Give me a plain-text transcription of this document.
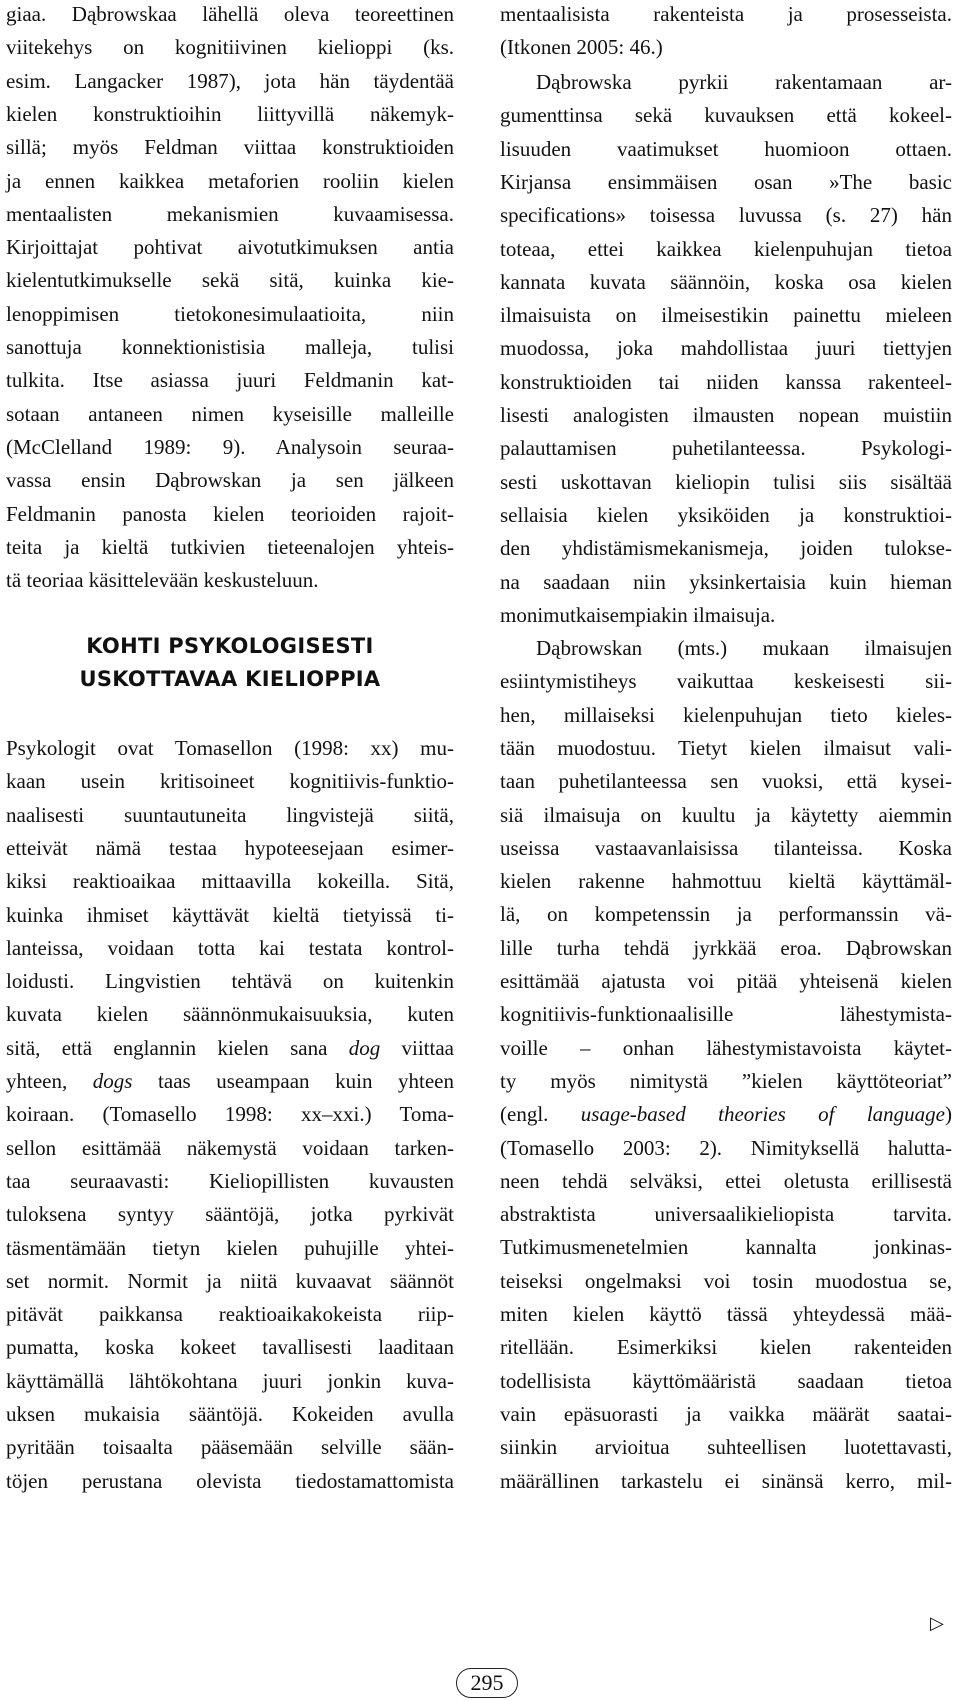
giaa. Dąbrowskaa lähellä oleva teoreettinen
viitekehys on kognitiivinen kielioppi (ks.
esim. Langacker 1987), jota hän täydentää
kielen konstruktioihin liittyvillä näkemyk-
sillä; myös Feldman viittaa konstruktioiden
ja ennen kaikkea metaforien rooliin kielen
mentaalisten mekanismien kuvaamisessa.
Kirjoittajat pohtivat aivotutkimuksen antia
kielentutkimukselle sekä sitä, kuinka kie-
lenoppimisen tietokonesimulaatioita, niin
sanottuja konnektionistisia malleja, tulisi
tulkita. Itse asiassa juuri Feldmanin kat-
sotaan antaneen nimen kyseisille malleille
(McClelland 1989: 9). Analysoin seuraa-
vassa ensin Dąbrowskan ja sen jälkeen
Feldmanin panosta kielen teorioiden rajoit-
teita ja kieltä tutkivien tieteenalojen yhteis-
tä teoriaa käsittelevään keskusteluun.
KOHTI PSYKOLOGISESTI
USKOTTAVAA KIELIOPPIA
Psykologit ovat Tomasellon (1998: xx) mu-
kaan usein kritisoineet kognitiivis-funktio-
naalisesti suuntautuneita lingvistejä siitä,
etteivät nämä testaa hypoteesejaan esimer-
kiksi reaktioaikaa mittaavilla kokeilla. Sitä,
kuinka ihmiset käyttävät kieltä tietyissä ti-
lanteissa, voidaan totta kai testata kontrol-
loidusti. Lingvistien tehtävä on kuitenkin
kuvata kielen säännönmukaisuuksia, kuten
sitä, että englannin kielen sana dog viittaa
yhteen, dogs taas useampaan kuin yhteen
koiraan. (Tomasello 1998: xx–xxi.) Toma-
sellon esittämää näkemystä voidaan tarken-
taa seuraavasti: Kieliopillisten kuvausten
tuloksena syntyy sääntöjä, jotka pyrkivät
täsmentämään tietyn kielen puhujille yhtei-
set normit. Normit ja niitä kuvaavat säännöt
pitävät paikkansa reaktioaikakokeista riip-
pumatta, koska kokeet tavallisesti laaditaan
käyttämällä lähtökohtana juuri jonkin kuva-
uksen mukaisia sääntöjä. Kokeiden avulla
pyritään toisaalta pääsemään selville sään-
töjen perustana olevista tiedostamattomista
mentaalisista rakenteista ja prosesseista.
(Itkonen 2005: 46.)
Dąbrowska pyrkii rakentamaan ar-
gumenttinsa sekä kuvauksen että kokeel-
lisuuden vaatimukset huomioon ottaen.
Kirjansa ensimmäisen osan »The basic
specifications» toisessa luvussa (s. 27) hän
toteaa, ettei kaikkea kielenpuhujan tietoa
kannata kuvata säännöin, koska osa kielen
ilmaisuista on ilmeisestikin painettu mieleen
muodossa, joka mahdollistaa juuri tiettyjen
konstruktioiden tai niiden kanssa rakenteel-
lisesti analogisten ilmausten nopean muistiin
palauttamisen puhetilanteessa. Psykologi-
sesti uskottavan kieliopin tulisi siis sisältää
sellaisia kielen yksiköiden ja konstruktioi-
den yhdistämismekanismeja, joiden tulokse-
na saadaan niin yksinkertaisia kuin hieman
monimutkaisempiakin ilmaisuja.
Dąbrowskan (mts.) mukaan ilmaisujen
esiintymistiheys vaikuttaa keskeisesti sii-
hen, millaiseksi kielenpuhujan tieto kieles-
tään muodostuu. Tietyt kielen ilmaisut vali-
taan puhetilanteessa sen vuoksi, että kysei-
siä ilmaisuja on kuultu ja käytetty aiemmin
useissa vastaavanlaisissa tilanteissa. Koska
kielen rakenne hahmottuu kieltä käyttämäl-
lä, on kompetenssin ja performanssin vä-
lille turha tehdä jyrkkää eroa. Dąbrowskan
esittämää ajatusta voi pitää yhteisenä kielen
kognitiivis-funktionaalisille lähestymista-
voille – onhan lähestymistavoista käytet-
ty myös nimitystä ”kielen käyttöteoriat”
(engl. usage-based theories of language)
(Tomasello 2003: 2). Nimityksellä halutta-
neen tehdä selväksi, ettei oletusta erillisestä
abstraktista universaalikieliopista tarvita.
Tutkimusmenetelmien kannalta jonkinas-
teiseksi ongelmaksi voi tosin muodostua se,
miten kielen käyttö tässä yhteydessä mää-
ritellään. Esimerkiksi kielen rakenteiden
todellisista käyttömääristä saadaan tietoa
vain epäsuorasti ja vaikka määrät saatai-
siinkin arvioitua suhteellisen luotettavasti,
määrällinen tarkastelu ei sinänsä kerro, mil-
▷
295
